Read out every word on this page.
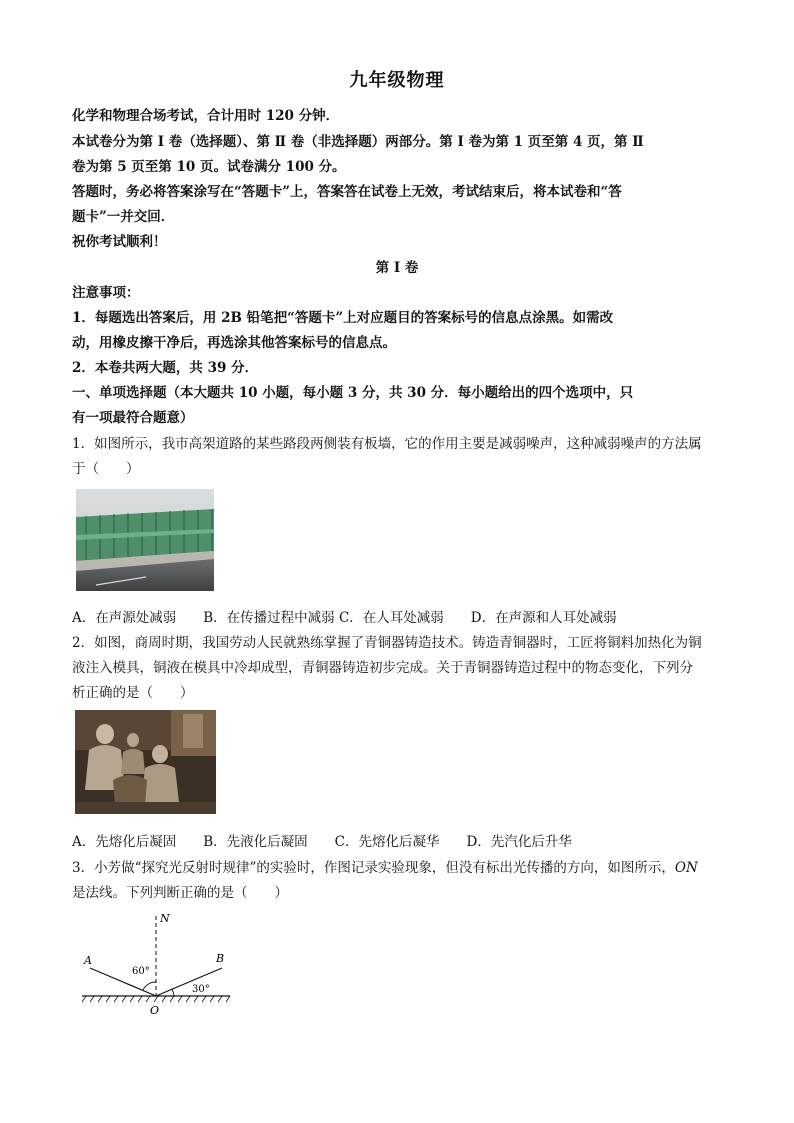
九年级物理
化学和物理合场考试，合计用时 120 分钟．
本试卷分为第 Ⅰ 卷（选择题）、第 Ⅱ 卷（非选择题）两部分。第 Ⅰ 卷为第 1 页至第 4 页，第 Ⅱ
卷为第 5 页至第 10 页。试卷满分 100 分。
答题时，务必将答案涂写在“答题卡”上，答案答在试卷上无效，考试结束后，将本试卷和“答
题卡”一并交回．
祝你考试顺利！
第 Ⅰ 卷
注意事项：
1．每题选出答案后，用 2B 铅笔把“答题卡”上对应题目的答案标号的信息点涂黑。如需改
动，用橡皮擦干净后，再选涂其他答案标号的信息点。
2．本卷共两大题，共 39 分．
一、单项选择题（本大题共 10 小题，每小题 3 分，共 30 分．每小题给出的四个选项中，只
有一项最符合题意）
1．如图所示，我市高架道路的某些路段两侧装有板墙，它的作用主要是减弱噪声，这种减弱噪声的方法属
于（　　）
A．在声源处减弱　　B．在传播过程中减弱 C．在人耳处减弱　　D．在声源和人耳处减弱
2．如图，商周时期，我国劳动人民就熟练掌握了青铜器铸造技术。铸造青铜器时，工匠将铜料加热化为铜
液注入模具，铜液在模具中冷却成型，青铜器铸造初步完成。关于青铜器铸造过程中的物态变化，下列分
析正确的是（　　）
A．先熔化后凝固　　B．先液化后凝固　　C．先熔化后凝华　　D．先汽化后升华
3．小芳做“探究光反射时规律”的实验时，作图记录实验现象，但没有标出光传播的方向，如图所示，ON
是法线。下列判断正确的是（　　）
N
A	B
O
60°
30°
